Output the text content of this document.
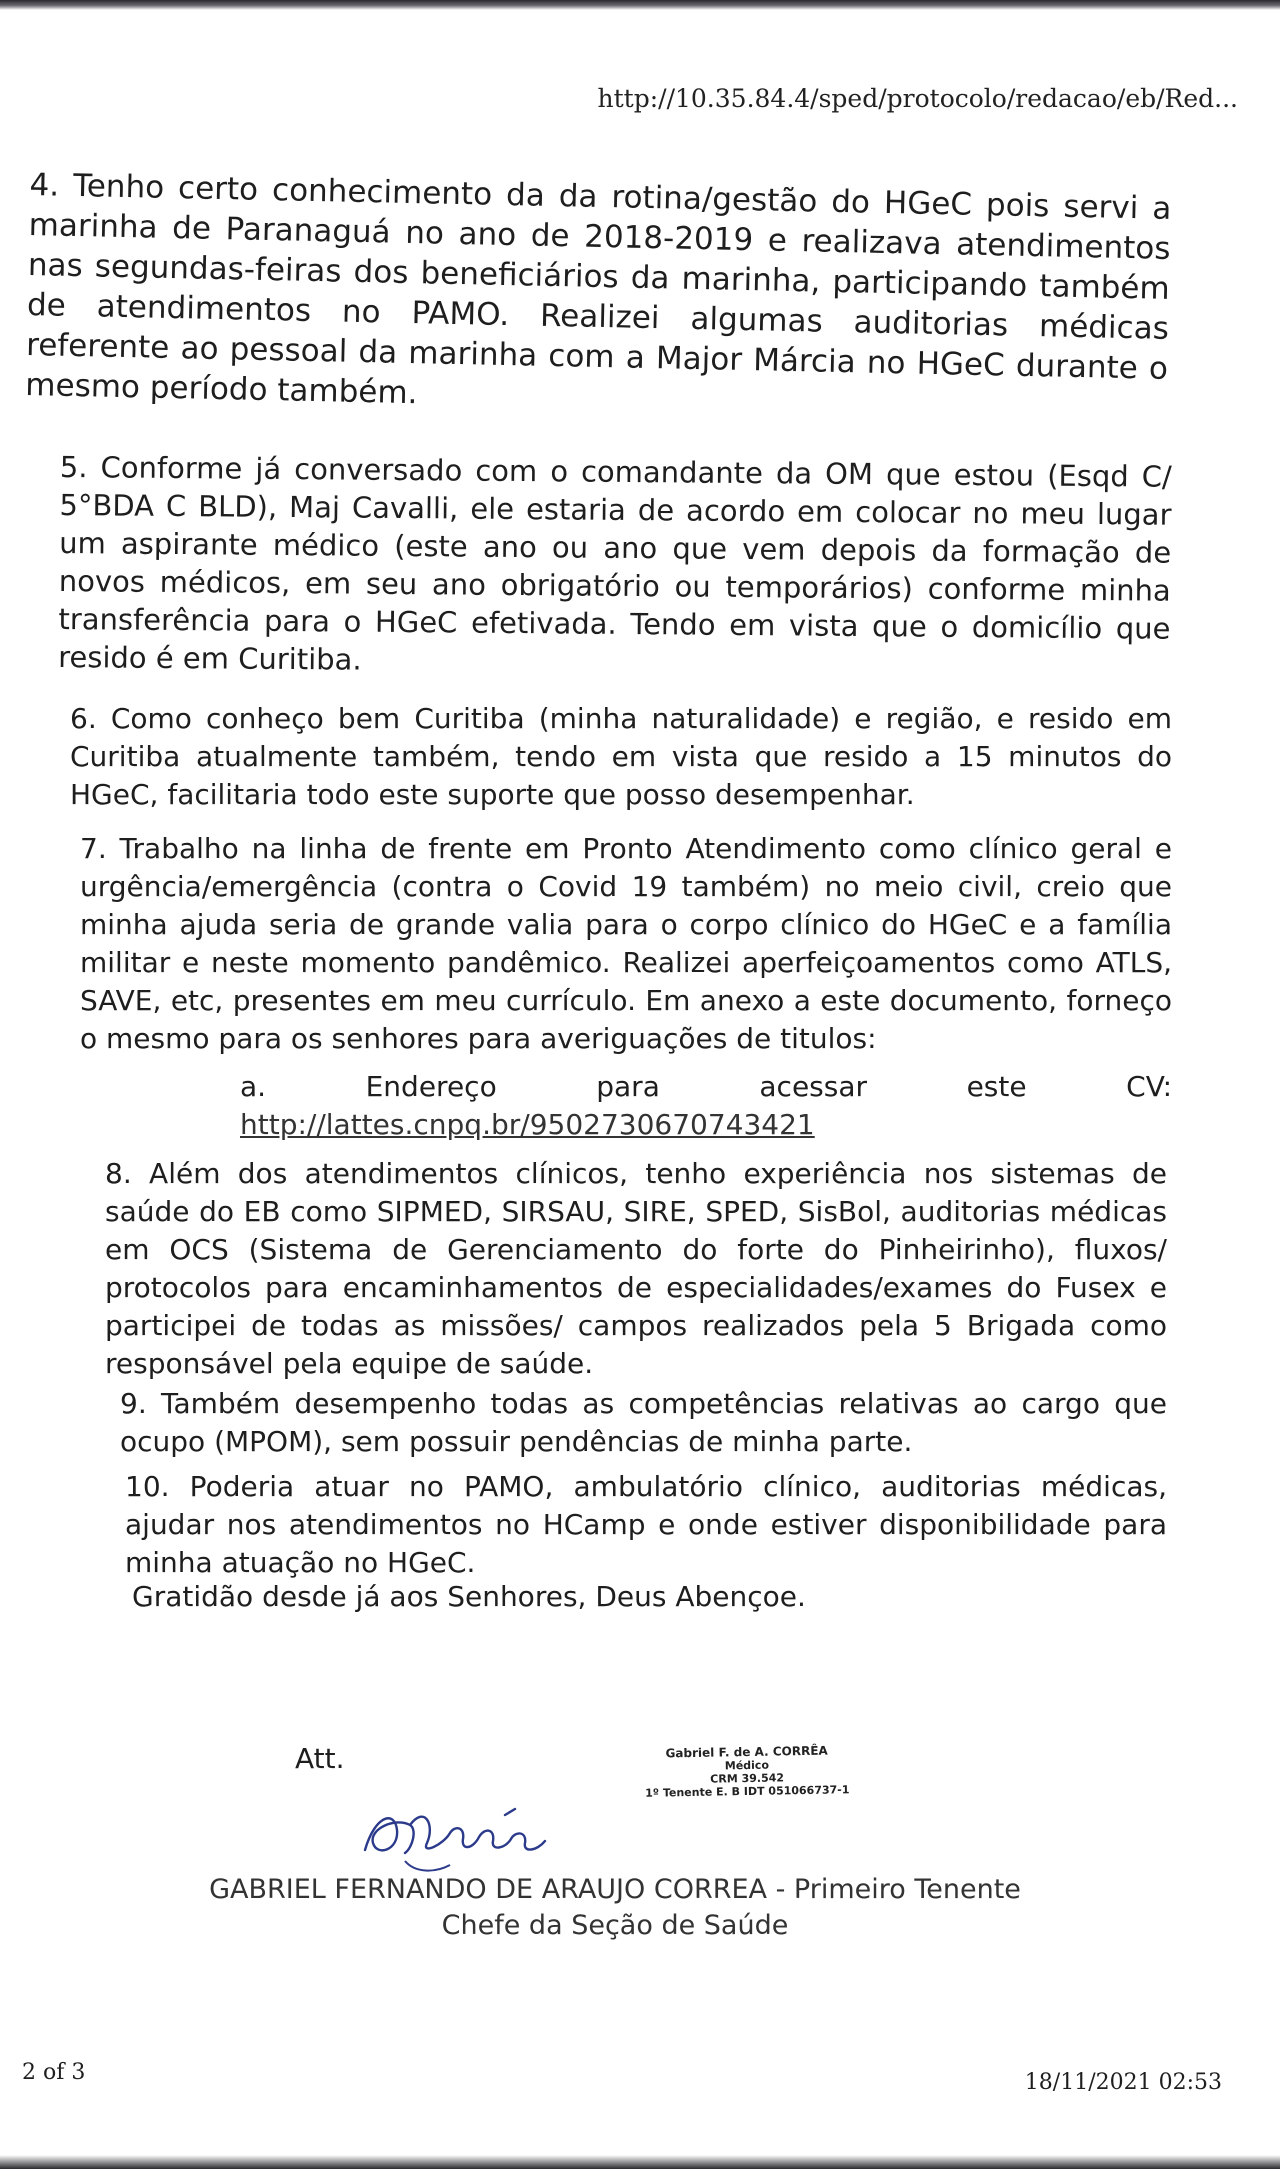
http://10.35.84.4/sped/protocolo/redacao/eb/Red...
4. Tenho certo conhecimento da da rotina/gestão do HGeC pois servi a marinha de Paranaguá no ano de 2018-2019 e realizava atendimentos nas segundas-feiras dos beneficiários da marinha, participando também de atendimentos no PAMO. Realizei algumas auditorias médicas referente ao pessoal da marinha com a Major Márcia no HGeC durante o mesmo período também.
5. Conforme já conversado com o comandante da OM que estou (Esqd C/ 5°BDA C BLD), Maj Cavalli, ele estaria de acordo em colocar no meu lugar um aspirante médico (este ano ou ano que vem depois da formação de novos médicos, em seu ano obrigatório ou temporários) conforme minha transferência para o HGeC efetivada. Tendo em vista que o domicílio que resido é em Curitiba.
6. Como conheço bem Curitiba (minha naturalidade) e região, e resido em Curitiba atualmente também, tendo em vista que resido a 15 minutos do HGeC, facilitaria todo este suporte que posso desempenhar.
7. Trabalho na linha de frente em Pronto Atendimento como clínico geral e urgência/emergência (contra o Covid 19 também) no meio civil, creio que minha ajuda seria de grande valia para o corpo clínico do HGeC e a família militar e neste momento pandêmico. Realizei aperfeiçoamentos como ATLS, SAVE, etc, presentes em meu currículo. Em anexo a este documento, forneço o mesmo para os senhores para averiguações de titulos:
a. Endereço para acessar este CV: http://lattes.cnpq.br/9502730670743421
8. Além dos atendimentos clínicos, tenho experiência nos sistemas de saúde do EB como SIPMED, SIRSAU, SIRE, SPED, SisBol, auditorias médicas em OCS (Sistema de Gerenciamento do forte do Pinheirinho), fluxos/ protocolos para encaminhamentos de especialidades/exames do Fusex e participei de todas as missões/ campos realizados pela 5 Brigada como responsável pela equipe de saúde.
9. Também desempenho todas as competências relativas ao cargo que ocupo (MPOM), sem possuir pendências de minha parte.
10. Poderia atuar no PAMO, ambulatório clínico, auditorias médicas, ajudar nos atendimentos no HCamp e onde estiver disponibilidade para minha atuação no HGeC.
Gratidão desde já aos Senhores, Deus Abençoe.
Att.	Gabriel F. de A. CORRÊA
Médico
CRM 39.542
1º Tenente E. B IDT 051066737-1
GABRIEL FERNANDO DE ARAUJO CORREA - Primeiro Tenente
Chefe da Seção de Saúde
2 of 3	18/11/2021 02:53
